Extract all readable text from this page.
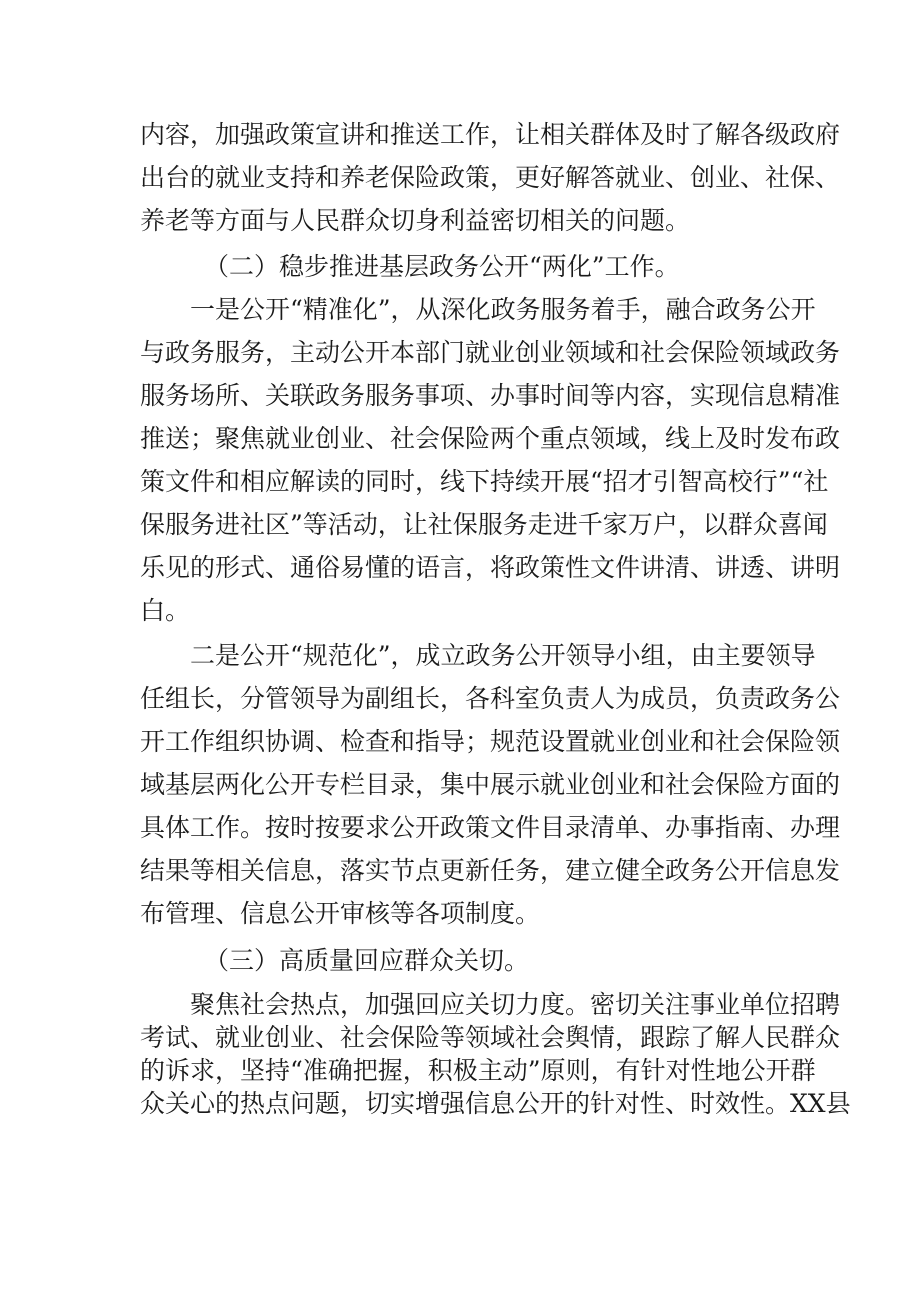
内容，加强政策宣讲和推送工作，让相关群体及时了解各级政府
出台的就业支持和养老保险政策，更好解答就业、创业、社保、
养老等方面与人民群众切身利益密切相关的问题。
（二）稳步推进基层政务公开“两化”工作。
一是公开“精准化”，从深化政务服务着手，融合政务公开
与政务服务，主动公开本部门就业创业领域和社会保险领域政务
服务场所、关联政务服务事项、办事时间等内容，实现信息精准
推送；聚焦就业创业、社会保险两个重点领域，线上及时发布政
策文件和相应解读的同时，线下持续开展“招才引智高校行”“社
保服务进社区”等活动，让社保服务走进千家万户，以群众喜闻
乐见的形式、通俗易懂的语言，将政策性文件讲清、讲透、讲明
白。
二是公开“规范化”，成立政务公开领导小组，由主要领导
任组长，分管领导为副组长，各科室负责人为成员，负责政务公
开工作组织协调、检查和指导；规范设置就业创业和社会保险领
域基层两化公开专栏目录，集中展示就业创业和社会保险方面的
具体工作。按时按要求公开政策文件目录清单、办事指南、办理
结果等相关信息，落实节点更新任务，建立健全政务公开信息发
布管理、信息公开审核等各项制度。
（三）高质量回应群众关切。
聚焦社会热点，加强回应关切力度。密切关注事业单位招聘
考试、就业创业、社会保险等领域社会舆情，跟踪了解人民群众
的诉求，坚持“准确把握，积极主动”原则，有针对性地公开群
众关心的热点问题，切实增强信息公开的针对性、时效性。XX县
